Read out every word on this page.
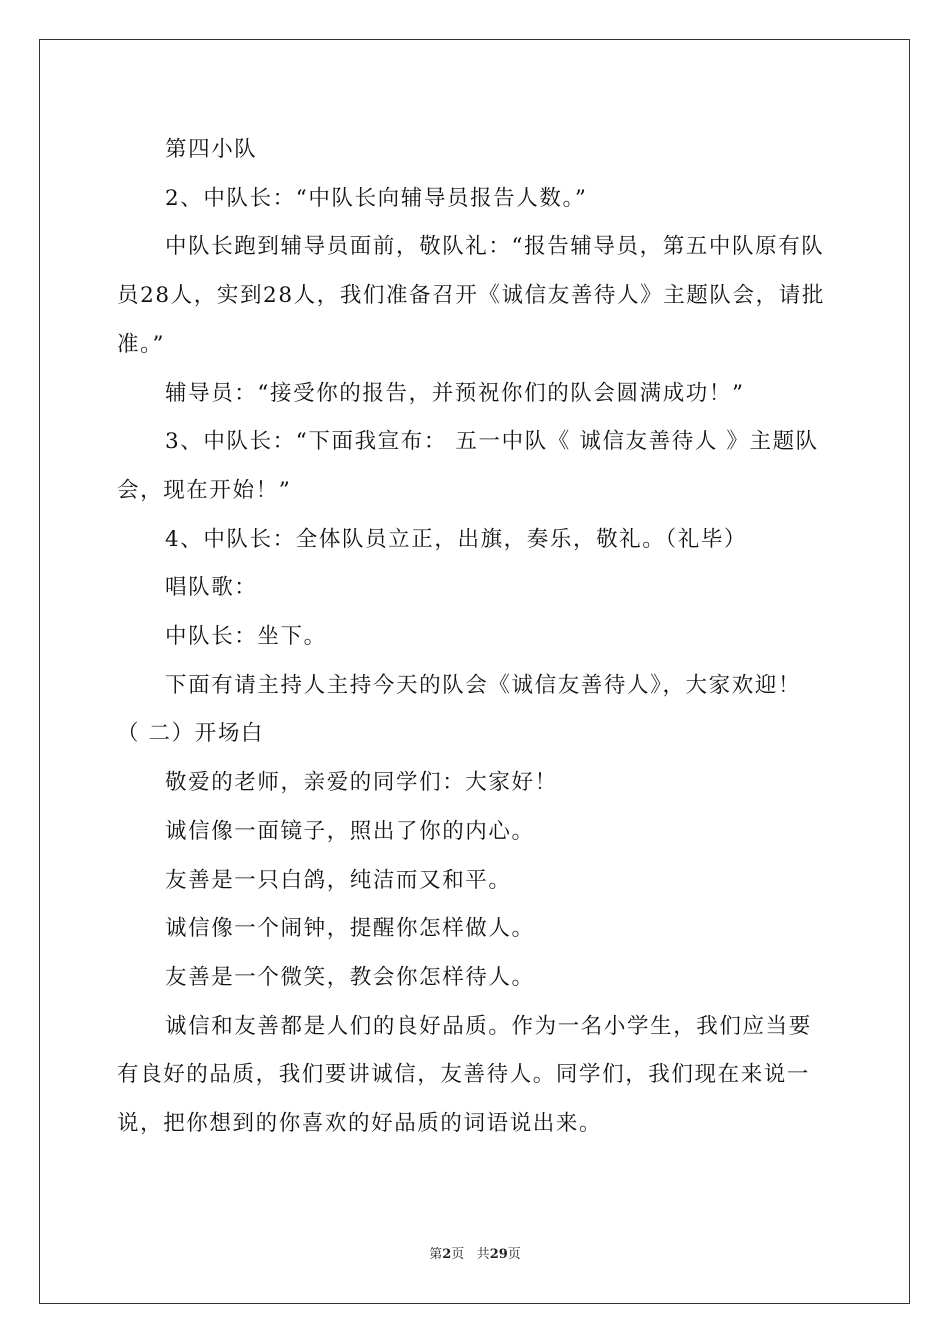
第四小队

2、中队长：“中队长向辅导员报告人数。”

中队长跑到辅导员面前，敬队礼：“报告辅导员，第五中队原有队员28人，实到28人，我们准备召开《诚信友善待人》主题队会，请批准。”

辅导员：“接受你的报告，并预祝你们的队会圆满成功！”

3、中队长：“下面我宣布： 五一中队《 诚信友善待人 》主题队会，现在开始！”

4、中队长：全体队员立正，出旗，奏乐，敬礼。（礼毕）

唱队歌：

中队长：坐下。

下面有请主持人主持今天的队会《诚信友善待人》，大家欢迎！

（ 二）开场白

敬爱的老师，亲爱的同学们：大家好！

诚信像一面镜子，照出了你的内心。

友善是一只白鸽，纯洁而又和平。

诚信像一个闹钟，提醒你怎样做人。

友善是一个微笑，教会你怎样待人。

诚信和友善都是人们的良好品质。作为一名小学生，我们应当要有良好的品质，我们要讲诚信，友善待人。同学们，我们现在来说一说，把你想到的你喜欢的好品质的词语说出来。

第2页 共29页
